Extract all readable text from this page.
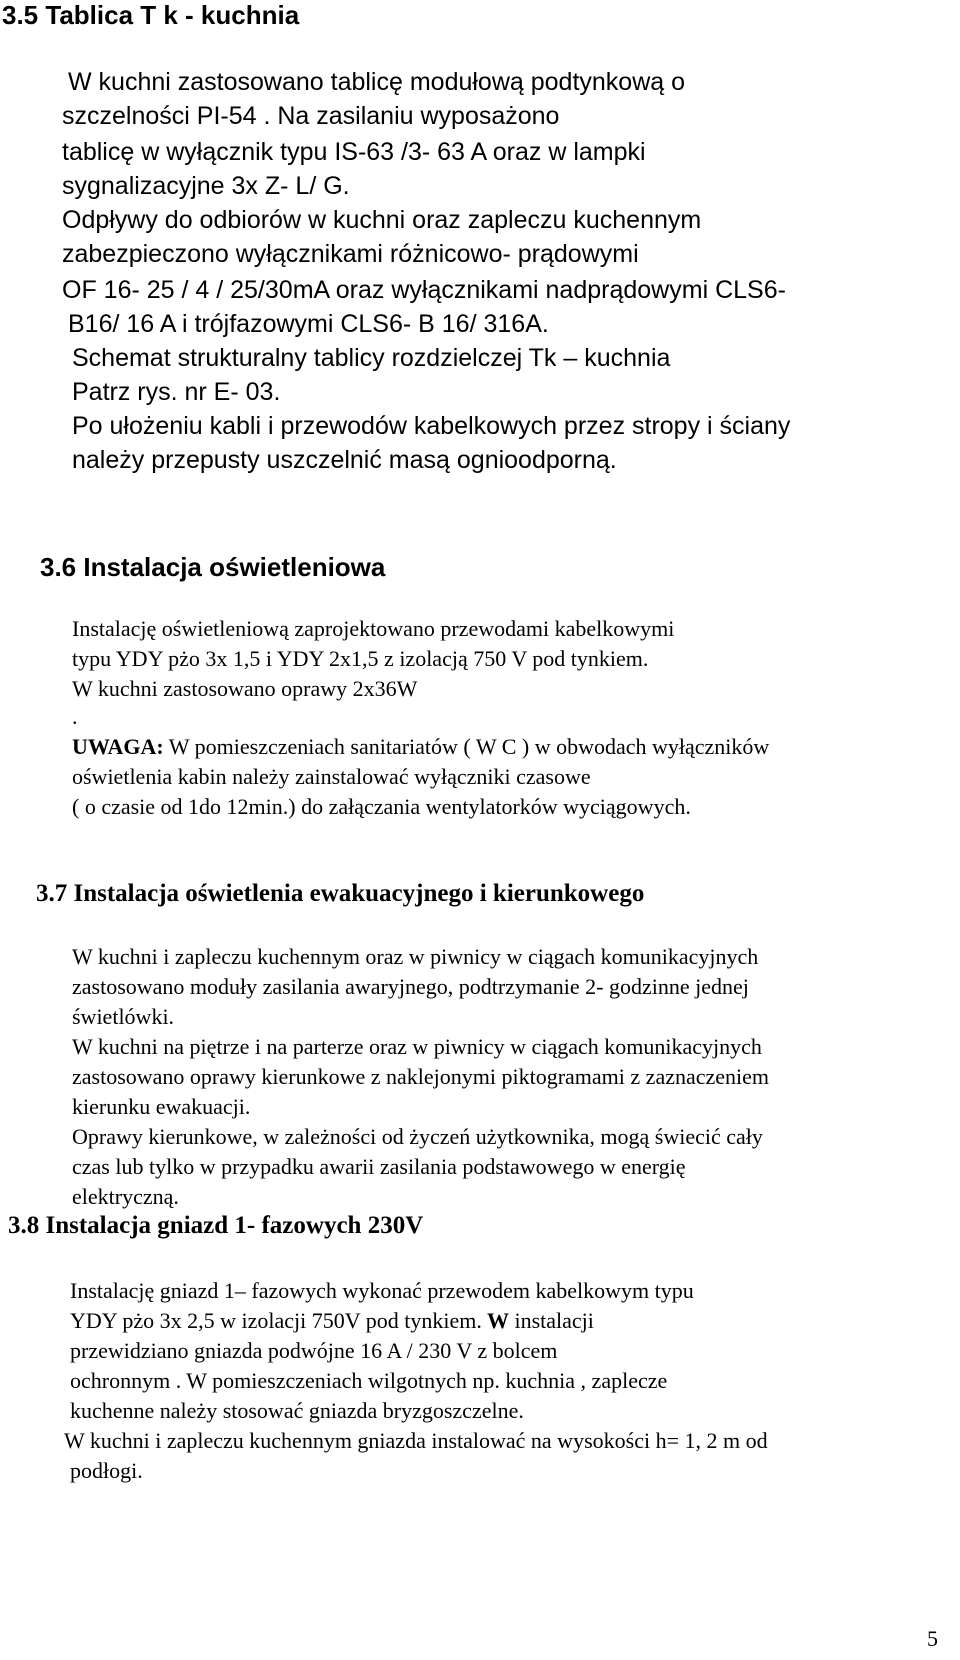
3.5 Tablica T k - kuchnia
W kuchni zastosowano tablicę modułową podtynkową o
szczelności PI-54 . Na zasilaniu wyposażono
tablicę w wyłącznik typu IS-63 /3- 63 A oraz w lampki
sygnalizacyjne 3x Z- L/ G.
Odpływy do odbiorów w kuchni oraz zapleczu kuchennym
zabezpieczono wyłącznikami różnicowo- prądowymi
OF 16- 25 / 4 / 25/30mA oraz wyłącznikami nadprądowymi CLS6-
B16/ 16 A i trójfazowymi CLS6- B 16/ 316A.
Schemat strukturalny tablicy rozdzielczej Tk – kuchnia
Patrz rys. nr E- 03.
Po ułożeniu kabli i przewodów kabelkowych przez stropy i ściany
należy przepusty uszczelnić masą ognioodporną.
3.6 Instalacja oświetleniowa
Instalację oświetleniową zaprojektowano przewodami kabelkowymi
typu YDY pżo 3x 1,5 i YDY 2x1,5 z izolacją 750 V pod tynkiem.
W kuchni zastosowano oprawy 2x36W
.
UWAGA: W pomieszczeniach sanitariatów ( W C ) w obwodach wyłączników
oświetlenia kabin należy zainstalować wyłączniki czasowe
( o czasie od 1do 12min.) do załączania wentylatorków wyciągowych.
3.7 Instalacja oświetlenia ewakuacyjnego i kierunkowego
W kuchni i zapleczu kuchennym oraz w piwnicy w ciągach komunikacyjnych
zastosowano moduły zasilania awaryjnego, podtrzymanie 2- godzinne jednej
świetlówki.
W kuchni na piętrze i na parterze oraz w piwnicy w ciągach komunikacyjnych
zastosowano oprawy kierunkowe z naklejonymi piktogramami z zaznaczeniem
kierunku ewakuacji.
Oprawy kierunkowe, w zależności od życzeń użytkownika, mogą świecić cały
czas lub tylko w przypadku awarii zasilania podstawowego w energię
elektryczną.
3.8 Instalacja gniazd 1- fazowych 230V
Instalację gniazd 1– fazowych wykonać przewodem kabelkowym typu
YDY pżo 3x 2,5 w izolacji 750V pod tynkiem. W instalacji
przewidziano gniazda podwójne 16 A / 230 V z bolcem
ochronnym . W pomieszczeniach wilgotnych np. kuchnia , zaplecze
kuchenne należy stosować gniazda bryzgoszczelne.
W kuchni i zapleczu kuchennym gniazda instalować na wysokości h= 1, 2 m od
podłogi.
5
